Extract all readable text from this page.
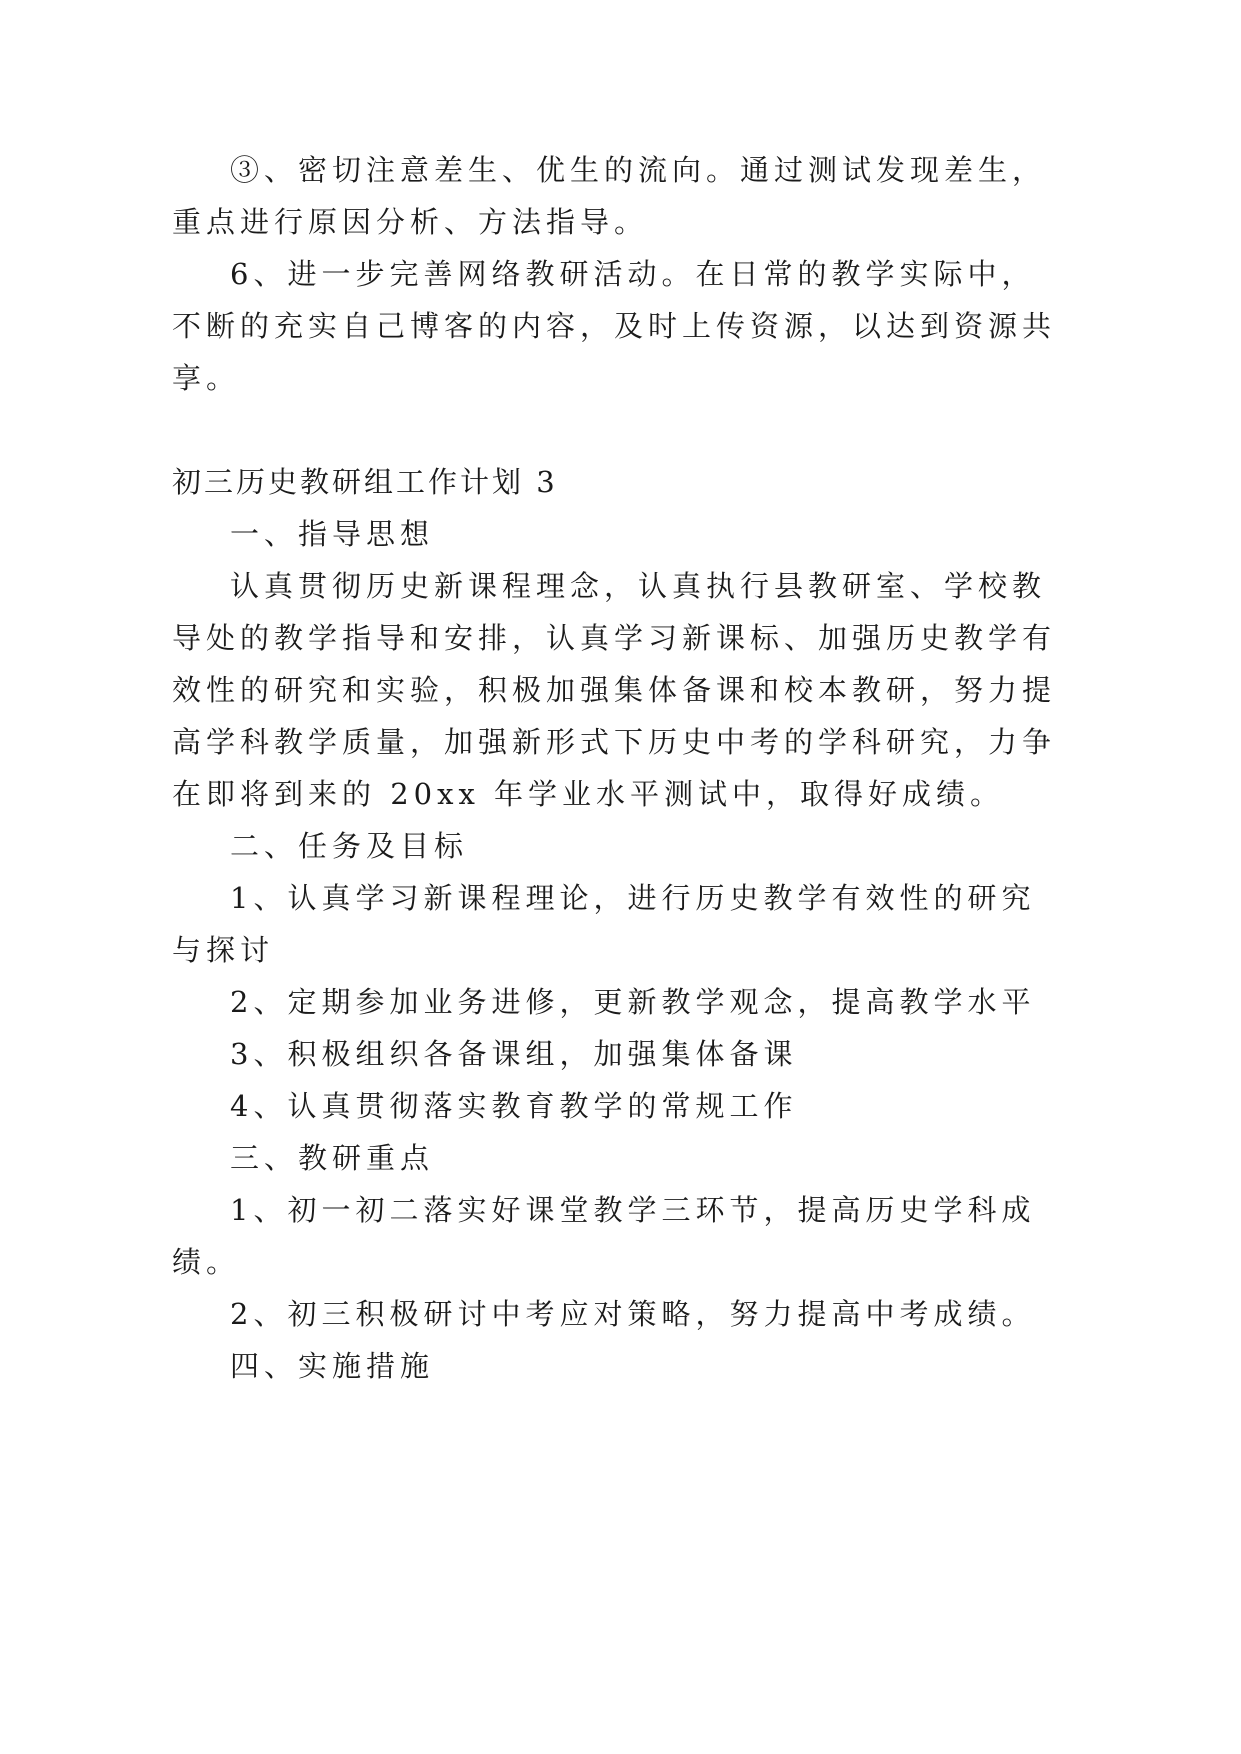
③、密切注意差生、优生的流向。通过测试发现差生，
重点进行原因分析、方法指导。
6、进一步完善网络教研活动。在日常的教学实际中，
不断的充实自己博客的内容，及时上传资源，以达到资源共
享。
初三历史教研组工作计划 3
一、指导思想
认真贯彻历史新课程理念，认真执行县教研室、学校教
导处的教学指导和安排，认真学习新课标、加强历史教学有
效性的研究和实验，积极加强集体备课和校本教研，努力提
高学科教学质量，加强新形式下历史中考的学科研究，力争
在即将到来的 20xx 年学业水平测试中，取得好成绩。
二、任务及目标
1、认真学习新课程理论，进行历史教学有效性的研究
与探讨
2、定期参加业务进修，更新教学观念，提高教学水平
3、积极组织各备课组，加强集体备课
4、认真贯彻落实教育教学的常规工作
三、教研重点
1、初一初二落实好课堂教学三环节，提高历史学科成
绩。
2、初三积极研讨中考应对策略，努力提高中考成绩。
四、实施措施
